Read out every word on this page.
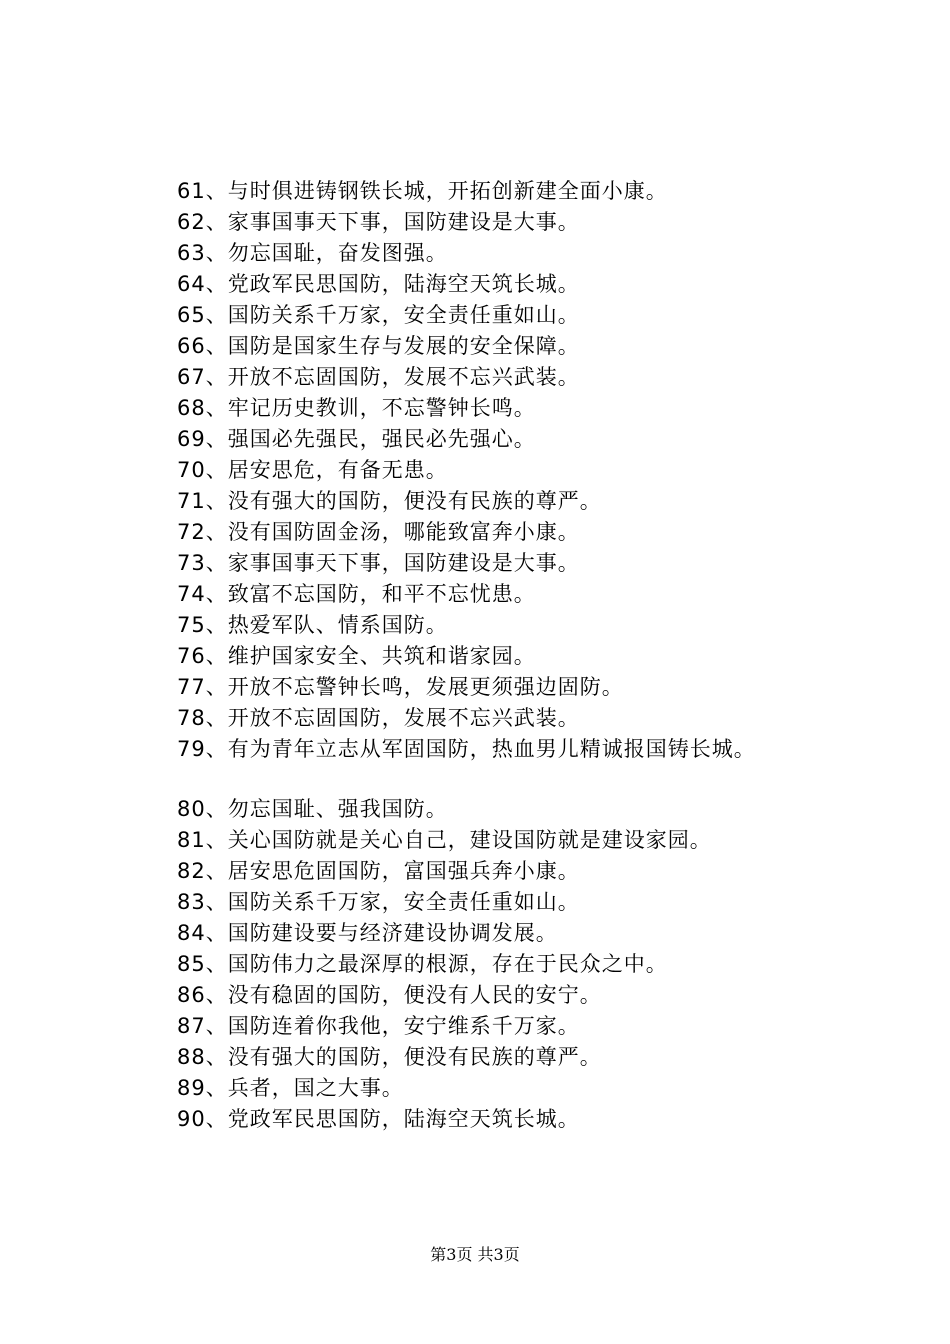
61、与时俱进铸钢铁长城，开拓创新建全面小康。
62、家事国事天下事，国防建设是大事。
63、勿忘国耻，奋发图强。
64、党政军民思国防，陆海空天筑长城。
65、国防关系千万家，安全责任重如山。
66、国防是国家生存与发展的安全保障。
67、开放不忘固国防，发展不忘兴武装。
68、牢记历史教训，不忘警钟长鸣。
69、强国必先强民，强民必先强心。
70、居安思危，有备无患。
71、没有强大的国防，便没有民族的尊严。
72、没有国防固金汤，哪能致富奔小康。
73、家事国事天下事，国防建设是大事。
74、致富不忘国防，和平不忘忧患。
75、热爱军队、情系国防。
76、维护国家安全、共筑和谐家园。
77、开放不忘警钟长鸣，发展更须强边固防。
78、开放不忘固国防，发展不忘兴武装。
79、有为青年立志从军固国防，热血男儿精诚报国铸长城。
80、勿忘国耻、强我国防。
81、关心国防就是关心自己，建设国防就是建设家园。
82、居安思危固国防，富国强兵奔小康。
83、国防关系千万家，安全责任重如山。
84、国防建设要与经济建设协调发展。
85、国防伟力之最深厚的根源，存在于民众之中。
86、没有稳固的国防，便没有人民的安宁。
87、国防连着你我他，安宁维系千万家。
88、没有强大的国防，便没有民族的尊严。
89、兵者，国之大事。
90、党政军民思国防，陆海空天筑长城。
第3页 共3页
